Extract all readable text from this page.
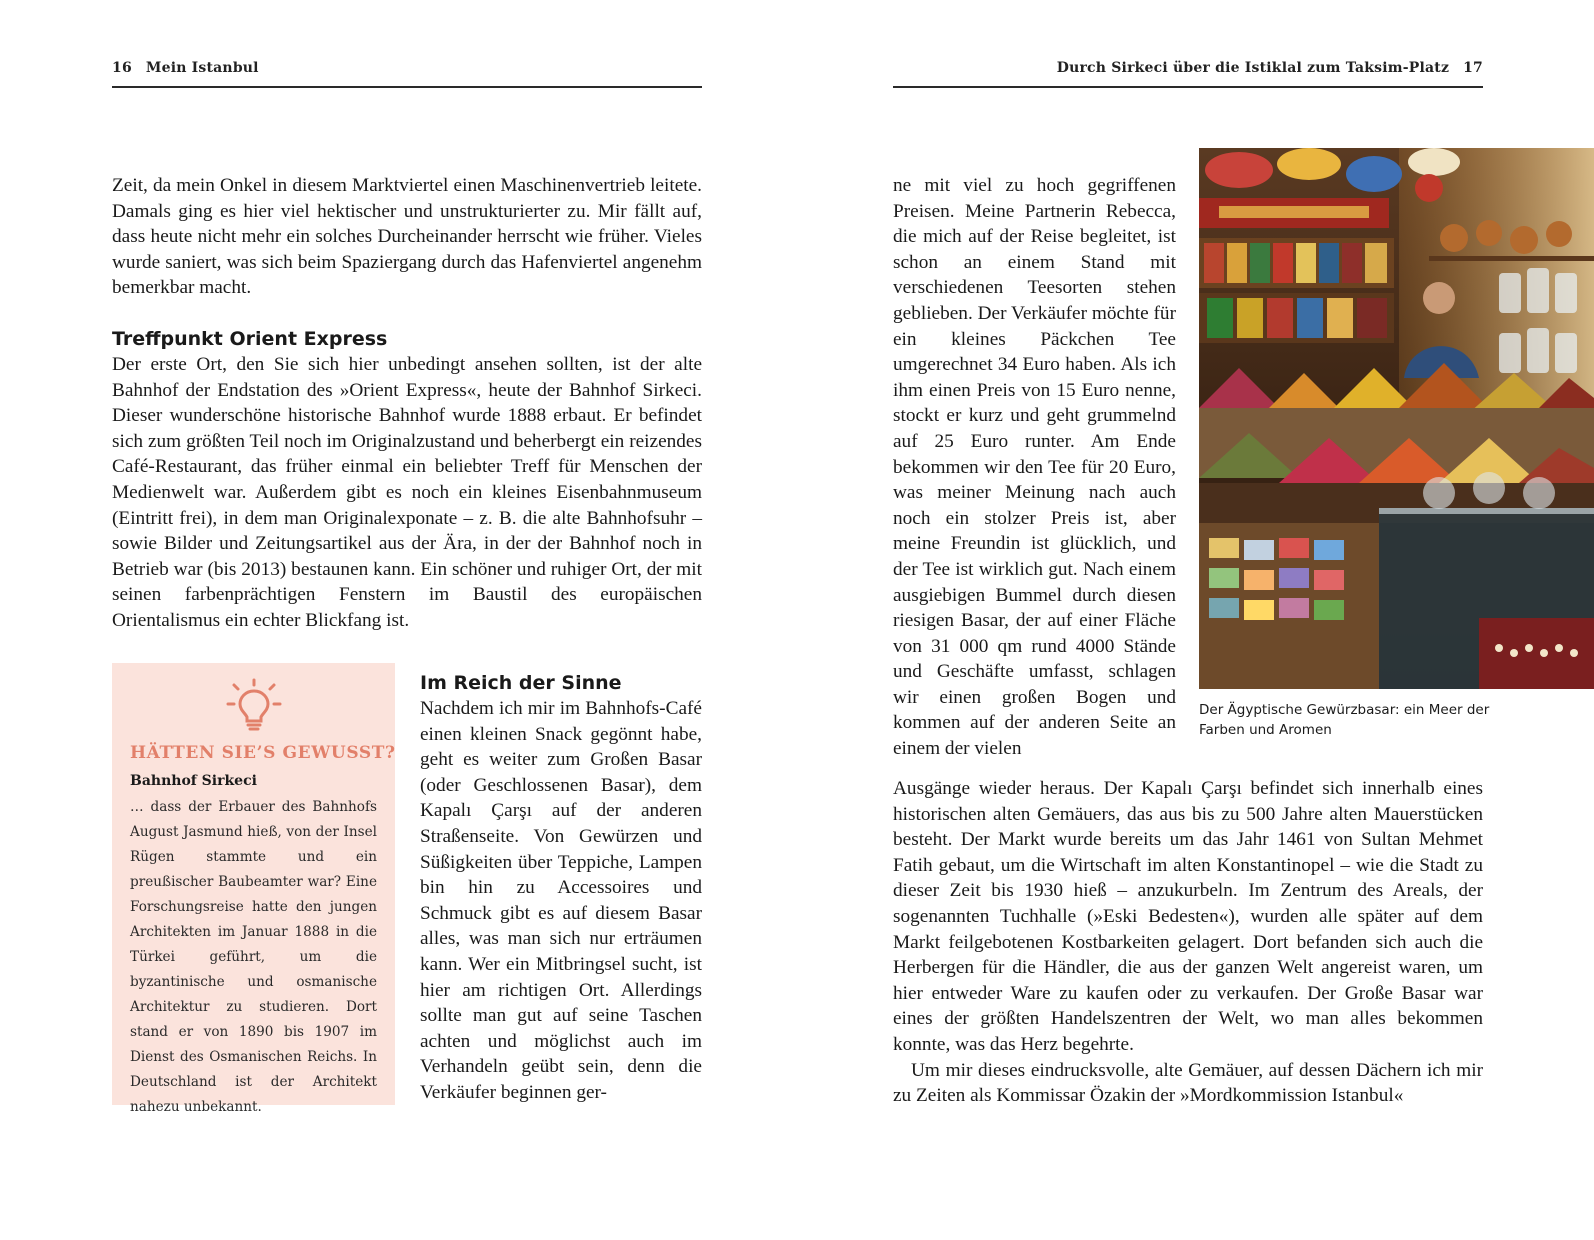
16 Mein Istanbul	Durch Sirkeci über die Istiklal zum Taksim-Platz 17

Zeit, da mein Onkel in diesem Marktviertel einen Maschinenvertrieb leitete. Damals ging es hier viel hektischer und unstrukturierter zu. Mir fällt auf, dass heute nicht mehr ein solches Durcheinander herrscht wie früher. Vieles wurde saniert, was sich beim Spaziergang durch das Hafenviertel angenehm bemerkbar macht.

Treffpunkt Orient Express

Der erste Ort, den Sie sich hier unbedingt ansehen sollten, ist der alte Bahnhof der Endstation des »Orient Express«, heute der Bahnhof Sirkeci. Dieser wunderschöne historische Bahnhof wurde 1888 erbaut. Er befindet sich zum größten Teil noch im Originalzustand und beherbergt ein reizendes Café-Restaurant, das früher einmal ein beliebter Treff für Menschen der Medienwelt war. Außerdem gibt es noch ein kleines Eisenbahnmuseum (Eintritt frei), in dem man Originalexponate – z. B. die alte Bahnhofsuhr – sowie Bilder und Zeitungsartikel aus der Ära, in der der Bahnhof noch in Betrieb war (bis 2013) bestaunen kann. Ein schöner und ruhiger Ort, der mit seinen farbenprächtigen Fenstern im Baustil des europäischen Orientalismus ein echter Blickfang ist.

HÄTTEN SIE’S GEWUSST?

Bahnhof Sirkeci

… dass der Erbauer des Bahnhofs August Jasmund hieß, von der Insel Rügen stammte und ein preußischer Baubeamter war? Eine Forschungsreise hatte den jungen Architekten im Januar 1888 in die Türkei geführt, um die byzantinische und osmanische Architektur zu studieren. Dort stand er von 1890 bis 1907 im Dienst des Osmanischen Reichs. In Deutschland ist der Architekt nahezu unbekannt.

Im Reich der Sinne

Nachdem ich mir im Bahnhofs-Café einen kleinen Snack gegönnt habe, geht es weiter zum Großen Basar (oder Geschlossenen Basar), dem Kapalı Çarşı auf der anderen Straßenseite. Von Gewürzen und Süßigkeiten über Teppiche, Lampen bin hin zu Accessoires und Schmuck gibt es auf diesem Basar alles, was man sich nur erträumen kann. Wer ein Mitbringsel sucht, ist hier am richtigen Ort. Allerdings sollte man gut auf seine Taschen achten und möglichst auch im Verhandeln geübt sein, denn die Verkäufer beginnen ger-

ne mit viel zu hoch gegriffenen Preisen. Meine Partnerin Rebecca, die mich auf der Reise begleitet, ist schon an einem Stand mit verschiedenen Teesorten stehen geblieben. Der Verkäufer möchte für ein kleines Päckchen Tee umgerechnet 34 Euro haben. Als ich ihm einen Preis von 15 Euro nenne, stockt er kurz und geht grummelnd auf 25 Euro runter. Am Ende bekommen wir den Tee für 20 Euro, was meiner Meinung nach auch noch ein stolzer Preis ist, aber meine Freundin ist glücklich, und der Tee ist wirklich gut. Nach einem ausgiebigen Bummel durch diesen riesigen Basar, der auf einer Fläche von 31 000 qm rund 4000 Stände und Geschäfte umfasst, schlagen wir einen großen Bogen und kommen auf der anderen Seite an einem der vielen

Der Ägyptische Gewürzbasar: ein Meer der Farben und Aromen

Ausgänge wieder heraus. Der Kapalı Çarşı befindet sich innerhalb eines historischen alten Gemäuers, das aus bis zu 500 Jahre alten Mauerstücken besteht. Der Markt wurde bereits um das Jahr 1461 von Sultan Mehmet Fatih gebaut, um die Wirtschaft im alten Konstantinopel – wie die Stadt zu dieser Zeit bis 1930 hieß – anzukurbeln. Im Zentrum des Areals, der sogenannten Tuchhalle (»Eski Bedesten«), wurden alle später auf dem Markt feilgebotenen Kostbarkeiten gelagert. Dort befanden sich auch die Herbergen für die Händler, die aus der ganzen Welt angereist waren, um hier entweder Ware zu kaufen oder zu verkaufen. Der Große Basar war eines der größten Handelszentren der Welt, wo man alles bekommen konnte, was das Herz begehrte.

Um mir dieses eindrucksvolle, alte Gemäuer, auf dessen Dächern ich mir zu Zeiten als Kommissar Özakin der »Mordkommission Istanbul«
